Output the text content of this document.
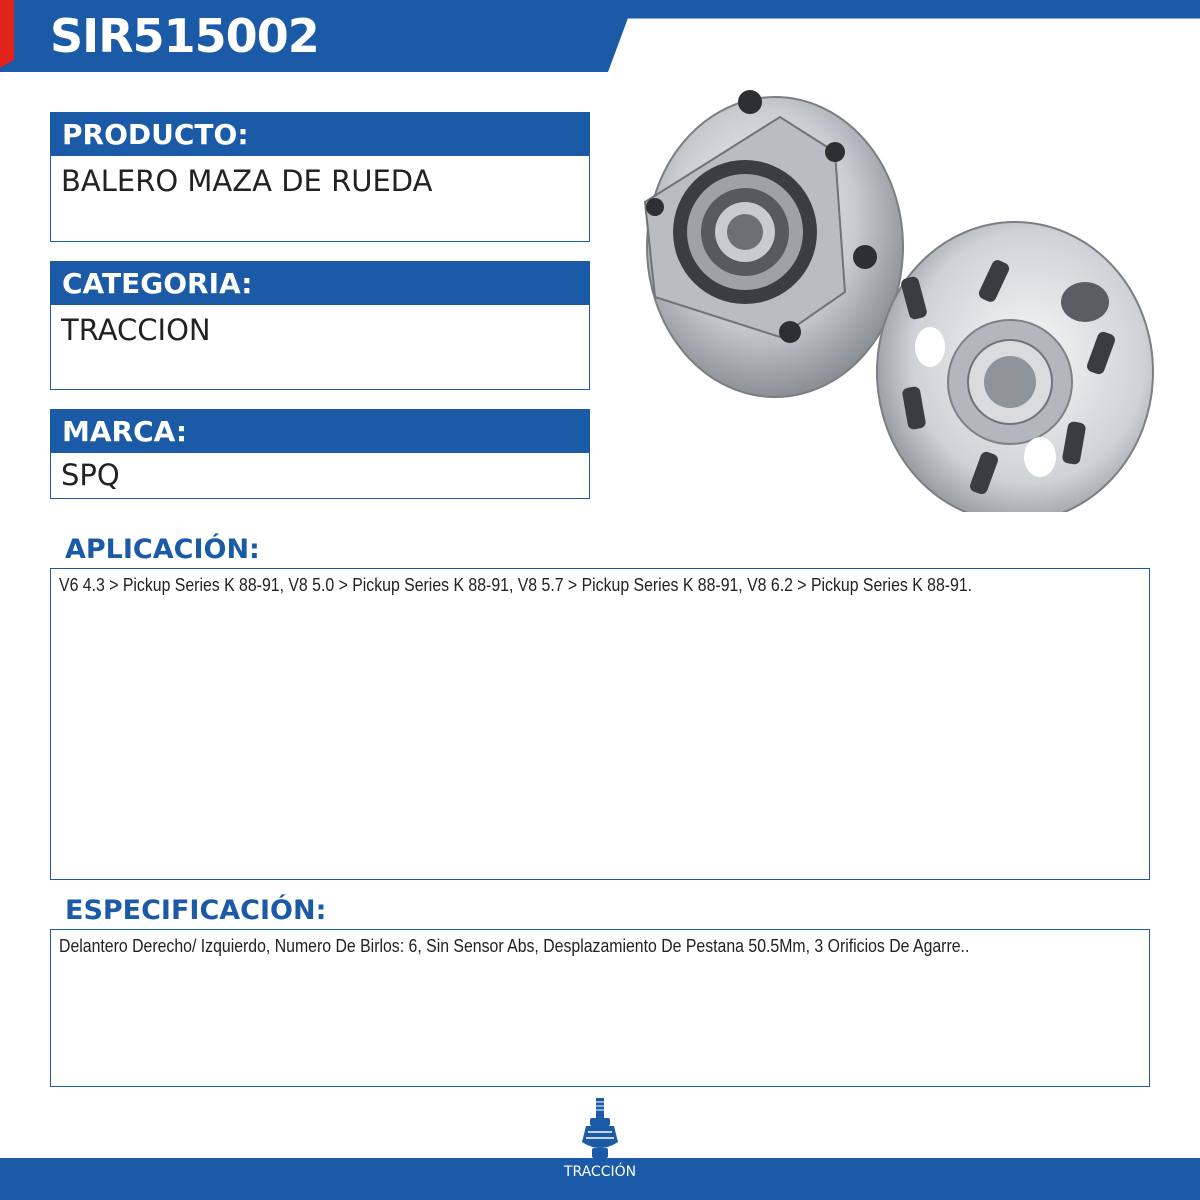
SIR515002
PRODUCTO:
BALERO MAZA DE RUEDA
CATEGORIA:
TRACCION
MARCA:
SPQ
APLICACIÓN:
V6 4.3 > Pickup Series K 88-91, V8 5.0 > Pickup Series K 88-91, V8 5.7 > Pickup Series K 88-91, V8 6.2 > Pickup Series K 88-91.
ESPECIFICACIÓN:
Delantero Derecho/ Izquierdo, Numero De Birlos: 6, Sin Sensor Abs, Desplazamiento De Pestana 50.5Mm, 3 Orificios De Agarre..
TRACCIÓN
